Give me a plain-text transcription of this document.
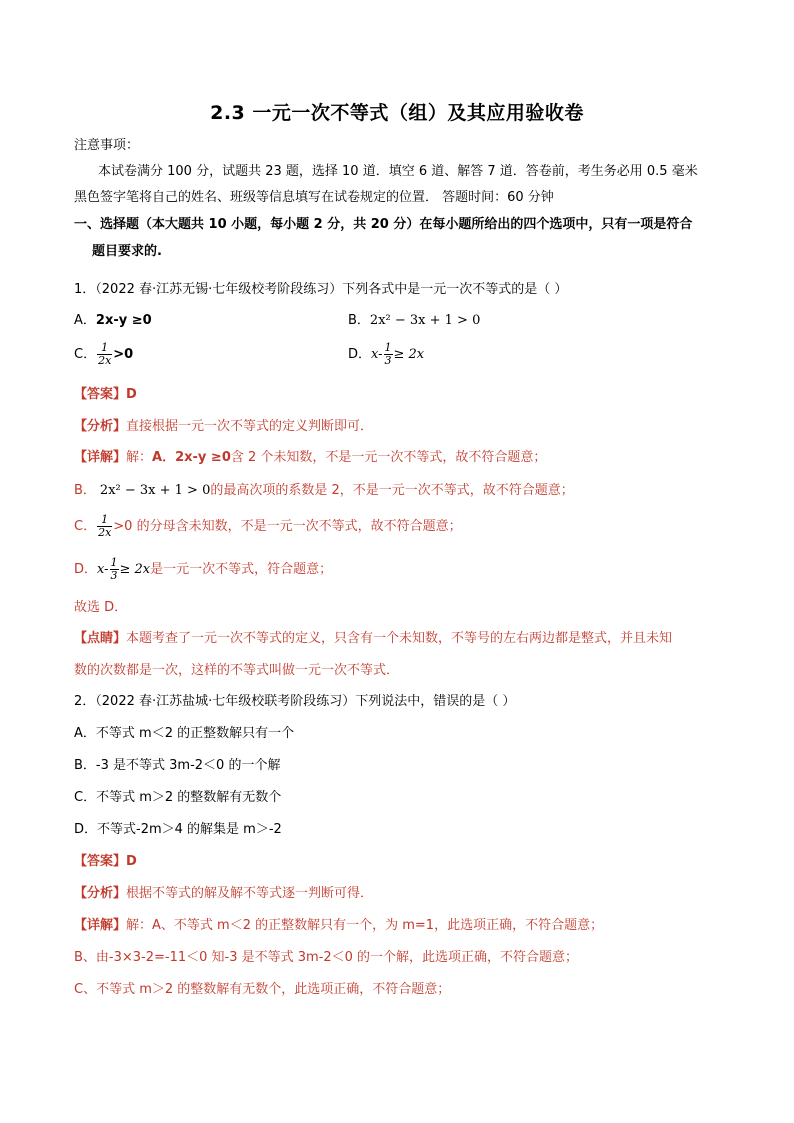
2.3 一元一次不等式（组）及其应用验收卷
注意事项：
本试卷满分 100 分，试题共 23 题，选择 10 道．填空 6 道、解答 7 道．答卷前，考生务必用 0.5 毫米
黑色签字笔将自己的姓名、班级等信息填写在试卷规定的位置． 答题时间：60 分钟
一、选择题（本大题共 10 小题，每小题 2 分，共 20 分）在每小题所给出的四个选项中，只有一项是符合
题目要求的.
1．（2022 春·江苏无锡·七年级校考阶段练习）下列各式中是一元一次不等式的是（ ）
A．2x-y ≥0	B．2x² − 3x + 1 > 0
C． $\frac{1}{2x} >0$	D．$x- \frac{1}{3} \ge 2x$
【答案】D
【分析】直接根据一元一次不等式的定义判断即可．
【详解】解：A．2x-y ≥0含 2 个未知数，不是一元一次不等式，故不符合题意；
B． 2x² − 3x + 1 > 0的最高次项的系数是 2，不是一元一次不等式，故不符合题意；
C． $\frac{1}{2x} >0$ 的分母含未知数，不是一元一次不等式，故不符合题意；
D．$x- \frac{1}{3} \ge 2x$是一元一次不等式，符合题意；
故选 D．
【点睛】本题考查了一元一次不等式的定义，只含有一个未知数，不等号的左右两边都是整式，并且未知
数的次数都是一次，这样的不等式叫做一元一次不等式．
2．（2022 春·江苏盐城·七年级校联考阶段练习）下列说法中，错误的是（ ）
A．不等式 m＜2 的正整数解只有一个
B．-3 是不等式 3m-2＜0 的一个解
C．不等式 m＞2 的整数解有无数个
D．不等式-2m＞4 的解集是 m＞-2
【答案】D
【分析】根据不等式的解及解不等式逐一判断可得．
【详解】解：A、不等式 m＜2 的正整数解只有一个，为 m=1，此选项正确，不符合题意；
B、由-3×3-2=-11＜0 知-3 是不等式 3m-2＜0 的一个解，此选项正确，不符合题意；
C、不等式 m＞2 的整数解有无数个，此选项正确，不符合题意；
